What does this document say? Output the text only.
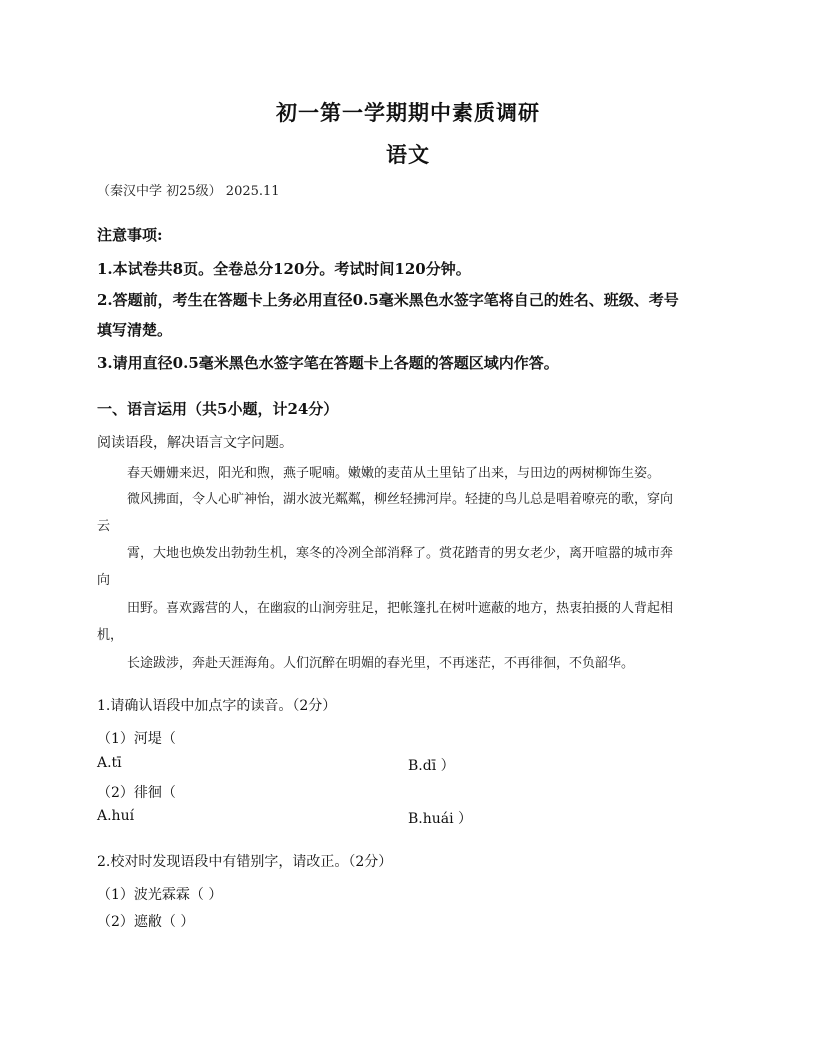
初一第一学期期中素质调研
语文
（秦汉中学 初25级） 2025.11
注意事项:
1.本试卷共8页。全卷总分120分。考试时间120分钟。
2.答题前，考生在答题卡上务必用直径0.5毫米黑色水签字笔将自己的姓名、班级、考号
填写清楚。
3.请用直径0.5毫米黑色水签字笔在答题卡上各题的答题区域内作答。
一、语言运用（共5小题，计24分）
阅读语段，解决语言文字问题。
春天姗姗来迟，阳光和煦，燕子呢喃。嫩嫩的麦苗从土里钻了出来，与田边的两树柳饰生姿。
微风拂面，令人心旷神怡，湖水波光粼粼，柳丝轻拂河岸。轻捷的鸟儿总是唱着嘹亮的歌，穿向
云
霄，大地也焕发出勃勃生机，寒冬的冷冽全部消释了。赏花踏青的男女老少，离开喧嚣的城市奔
向
田野。喜欢露营的人，在幽寂的山涧旁驻足，把帐篷扎在树叶遮蔽的地方，热衷拍摄的人背起相
机，
长途跋涉，奔赴天涯海角。人们沉醉在明媚的春光里，不再迷茫，不再徘徊，不负韶华。
1.请确认语段中加点字的读音。（2分）
（1）河堤（
A.tī	B.dī ）
（2）徘徊（
A.huí	B.huái ）
2.校对时发现语段中有错别字，请改正。（2分）
（1）波光霖霖（ ）
（2）遮敝（ ）
